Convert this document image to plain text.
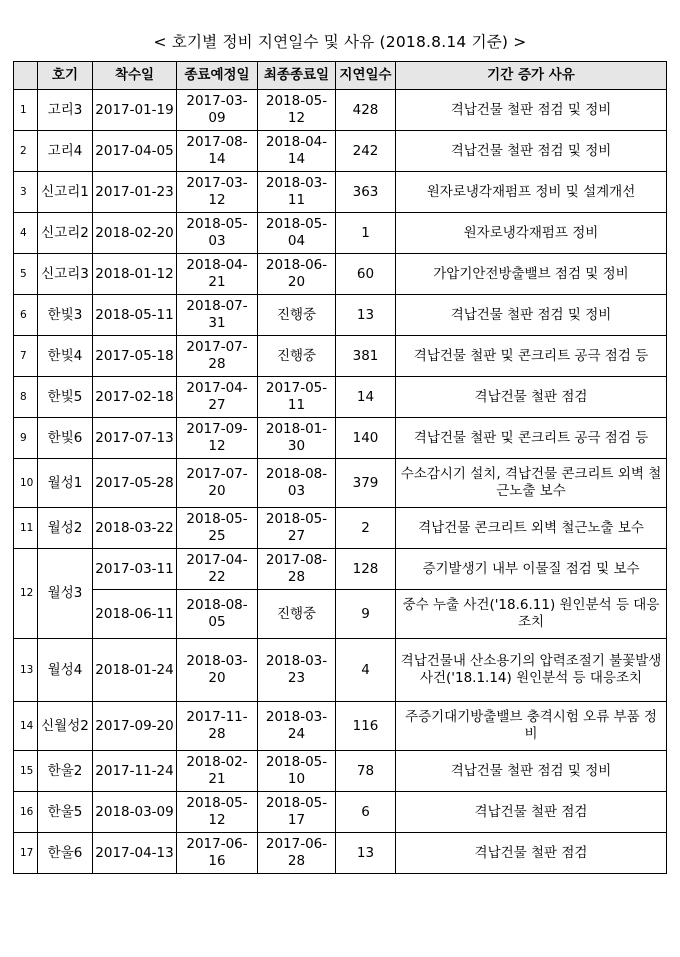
< 호기별 정비 지연일수 및 사유 (2018.8.14 기준) >
	호기	착수일	종료예정일	최종종료일	지연일수	기간 증가 사유
1	고리3	2017-01-19	2017-03-09	2018-05-12	428	격납건물 철판 점검 및 정비
2	고리4	2017-04-05	2017-08-14	2018-04-14	242	격납건물 철판 점검 및 정비
3	신고리1	2017-01-23	2017-03-12	2018-03-11	363	원자로냉각재펌프 정비 및 설계개선
4	신고리2	2018-02-20	2018-05-03	2018-05-04	1	원자로냉각재펌프 정비
5	신고리3	2018-01-12	2018-04-21	2018-06-20	60	가압기안전방출밸브 점검 및 정비
6	한빛3	2018-05-11	2018-07-31	진행중	13	격납건물 철판 점검 및 정비
7	한빛4	2017-05-18	2017-07-28	진행중	381	격납건물 철판 및 콘크리트 공극 점검 등
8	한빛5	2017-02-18	2017-04-27	2017-05-11	14	격납건물 철판 점검
9	한빛6	2017-07-13	2017-09-12	2018-01-30	140	격납건물 철판 및 콘크리트 공극 점검 등
10	월성1	2017-05-28	2017-07-20	2018-08-03	379	수소감시기 설치, 격납건물 콘크리트 외벽 철근노출 보수
11	월성2	2018-03-22	2018-05-25	2018-05-27	2	격납건물 콘크리트 외벽 철근노출 보수
12	월성3	2017-03-11	2017-04-22	2017-08-28	128	증기발생기 내부 이물질 점검 및 보수
		2018-06-11	2018-08-05	진행중	9	중수 누출 사건('18.6.11) 원인분석 등 대응조치
13	월성4	2018-01-24	2018-03-20	2018-03-23	4	격납건물내 산소용기의 압력조절기 불꽃발생 사건('18.1.14) 원인분석 등 대응조치
14	신월성2	2017-09-20	2017-11-28	2018-03-24	116	주증기대기방출밸브 충격시험 오류 부품 정비
15	한울2	2017-11-24	2018-02-21	2018-05-10	78	격납건물 철판 점검 및 정비
16	한울5	2018-03-09	2018-05-12	2018-05-17	6	격납건물 철판 점검
17	한울6	2017-04-13	2017-06-16	2017-06-28	13	격납건물 철판 점검
